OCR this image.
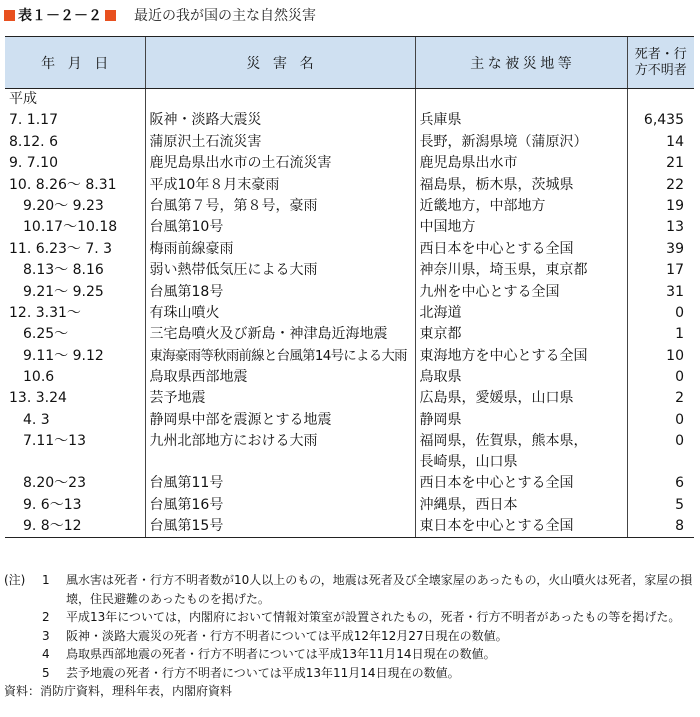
表１－２－２ 最近の我が国の主な自然災害
年月日	災害名	主な被災地等	死者・行
方不明者

平成			
7. 1.17	阪神・淡路大震災	兵庫県	6,435
8.12. 6	蒲原沢土石流災害	長野，新潟県境（蒲原沢）	14
9. 7.10	鹿児島県出水市の土石流災害	鹿児島県出水市	21
10. 8.26～ 8.31	平成10年８月末豪雨	福島県，栃木県，茨城県	22
　9.20～ 9.23	台風第７号，第８号，豪雨	近畿地方，中部地方	19
　10.17～10.18	台風第10号	中国地方	13
11. 6.23～ 7. 3	梅雨前線豪雨	西日本を中心とする全国	39
　8.13～ 8.16	弱い熱帯低気圧による大雨	神奈川県，埼玉県，東京都	17
　9.21～ 9.25	台風第18号	九州を中心とする全国	31
12. 3.31～	有珠山噴火	北海道	0
　6.25～	三宅島噴火及び新島・神津島近海地震	東京都	1
　9.11～ 9.12	東海豪雨等秋雨前線と台風第14号による大雨	東海地方を中心とする全国	10
　10.6	鳥取県西部地震	鳥取県	0
13. 3.24	芸予地震	広島県，愛媛県，山口県	2
　4. 3	静岡県中部を震源とする地震	静岡県	0
　7.11～13	九州北部地方における大雨	福岡県，佐賀県，熊本県，
長崎県，山口県	0
　8.20～23	台風第11号	西日本を中心とする全国	6
　9. 6～13	台風第16号	沖縄県，西日本	5
　9. 8～12	台風第15号	東日本を中心とする全国	8
(注)	1	風水害は死者・行方不明者数が10人以上のもの，地震は死者及び全壊家屋のあったもの，火山噴火は死者，家屋の損壊，住民避難のあったものを掲げた。
2	平成13年については，内閣府において情報対策室が設置されたもの，死者・行方不明者があったもの等を掲げた。
3	阪神・淡路大震災の死者・行方不明者については平成12年12月27日現在の数値。
4	鳥取県西部地震の死者・行方不明者については平成13年11月14日現在の数値。
5	芸予地震の死者・行方不明者については平成13年11月14日現在の数値。
資料：消防庁資料，理科年表，内閣府資料
